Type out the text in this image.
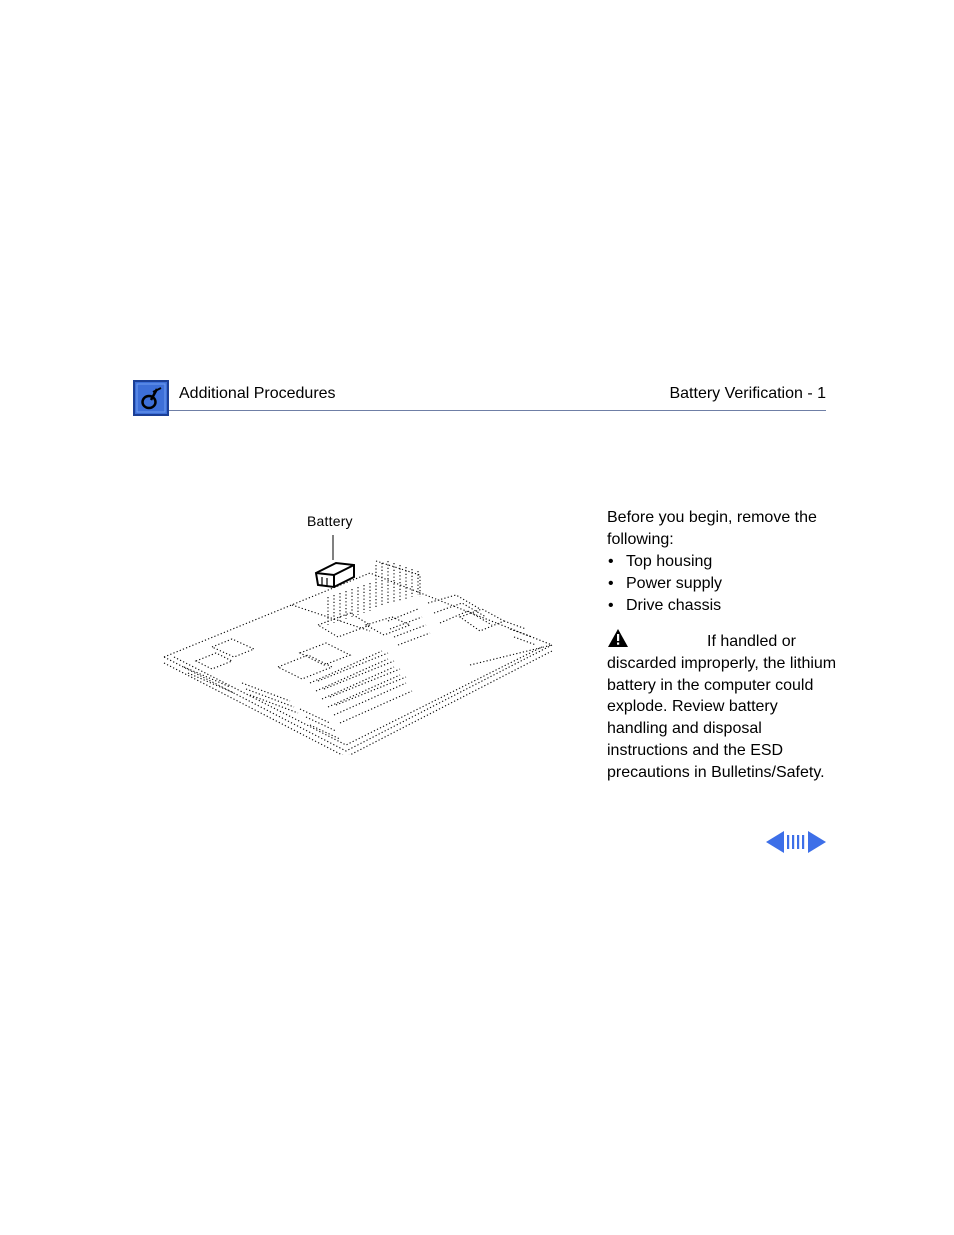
Additional Procedures	Battery Verification - 1
Battery	Before you begin, remove the following:

• Top housing
• Power supply
• Drive chassis

If handled or discarded improperly, the lithium battery in the computer could explode. Review battery handling and disposal instructions and the ESD precautions in Bulletins/Safety.
